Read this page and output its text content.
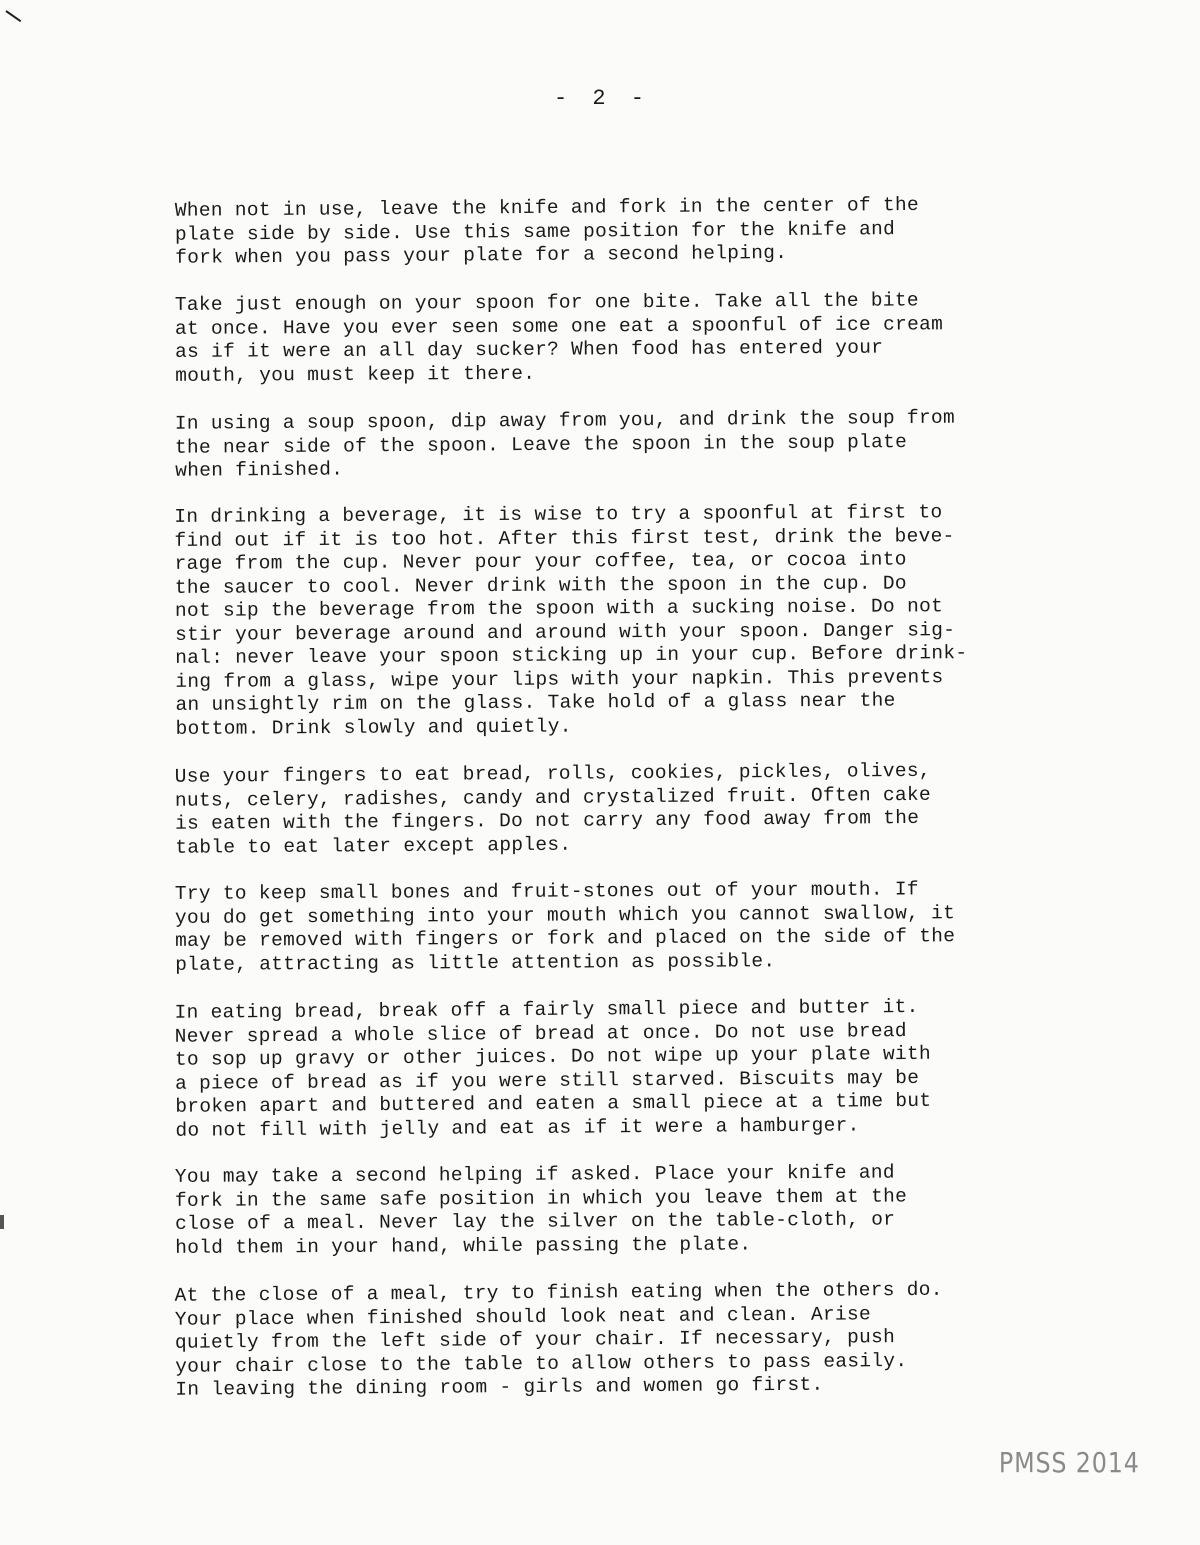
- 2 -

When not in use, leave the knife and fork in the center of the
plate side by side. Use this same position for the knife and
fork when you pass your plate for a second helping.

Take just enough on your spoon for one bite. Take all the bite
at once. Have you ever seen some one eat a spoonful of ice cream
as if it were an all day sucker? When food has entered your
mouth, you must keep it there.

In using a soup spoon, dip away from you, and drink the soup from
the near side of the spoon. Leave the spoon in the soup plate
when finished.

In drinking a beverage, it is wise to try a spoonful at first to
find out if it is too hot. After this first test, drink the beve-
rage from the cup. Never pour your coffee, tea, or cocoa into
the saucer to cool. Never drink with the spoon in the cup. Do
not sip the beverage from the spoon with a sucking noise. Do not
stir your beverage around and around with your spoon. Danger sig-
nal: never leave your spoon sticking up in your cup. Before drink-
ing from a glass, wipe your lips with your napkin. This prevents
an unsightly rim on the glass. Take hold of a glass near the
bottom. Drink slowly and quietly.

Use your fingers to eat bread, rolls, cookies, pickles, olives,
nuts, celery, radishes, candy and crystalized fruit. Often cake
is eaten with the fingers. Do not carry any food away from the
table to eat later except apples.

Try to keep small bones and fruit-stones out of your mouth. If
you do get something into your mouth which you cannot swallow, it
may be removed with fingers or fork and placed on the side of the
plate, attracting as little attention as possible.

In eating bread, break off a fairly small piece and butter it.
Never spread a whole slice of bread at once. Do not use bread
to sop up gravy or other juices. Do not wipe up your plate with
a piece of bread as if you were still starved. Biscuits may be
broken apart and buttered and eaten a small piece at a time but
do not fill with jelly and eat as if it were a hamburger.

You may take a second helping if asked. Place your knife and
fork in the same safe position in which you leave them at the
close of a meal. Never lay the silver on the table-cloth, or
hold them in your hand, while passing the plate.

At the close of a meal, try to finish eating when the others do.
Your place when finished should look neat and clean. Arise
quietly from the left side of your chair. If necessary, push
your chair close to the table to allow others to pass easily.
In leaving the dining room - girls and women go first.

PMSS 2014
